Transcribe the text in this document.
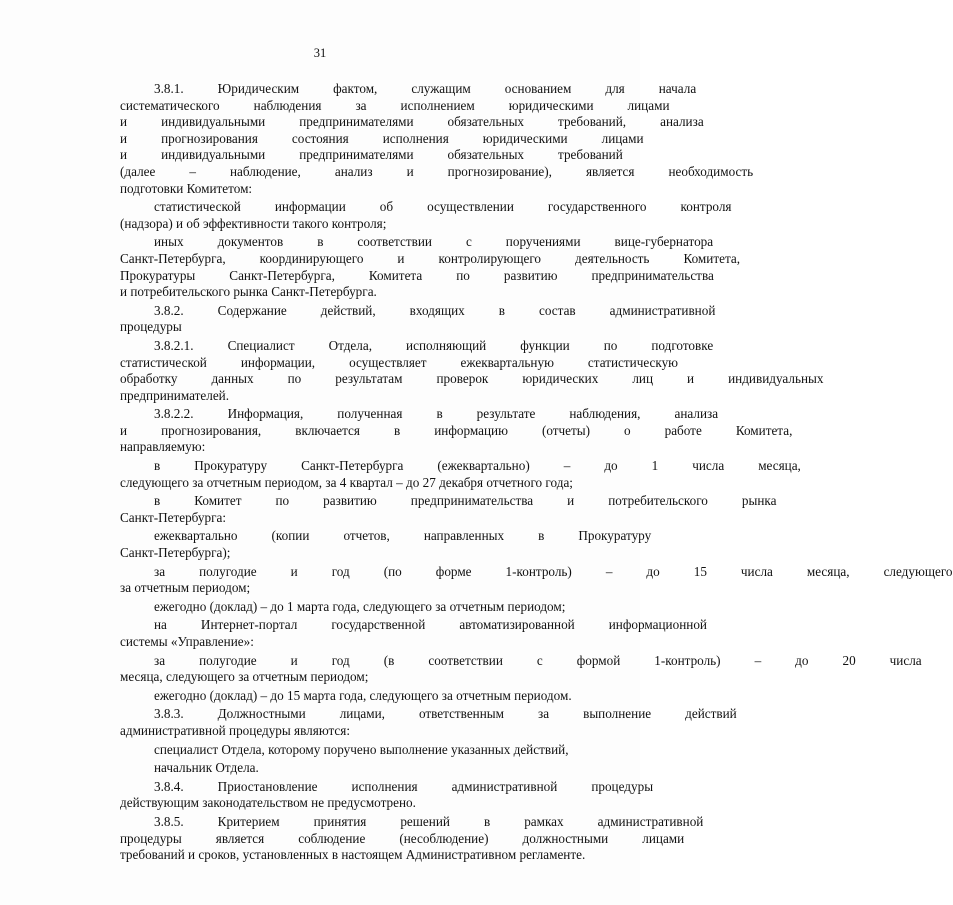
31
3.8.1.	Юридическим	фактом,	служащим	основанием	для	начала
систематического	наблюдения	за	исполнением	юридическими	лицами
и	индивидуальными	предпринимателями	обязательных	требований,	анализа
и	прогнозирования	состояния	исполнения	юридическими	лицами
и	индивидуальными	предпринимателями	обязательных	требований
(далее	–	наблюдение,	анализ	и	прогнозирование),	является	необходимость
подготовки Комитетом:
статистической	информации	об	осуществлении	государственного	контроля
(надзора) и об эффективности такого контроля;
иных	документов	в	соответствии	с	поручениями	вице-губернатора
Санкт-Петербурга,	координирующего	и	контролирующего	деятельность	Комитета,
Прокуратуры	Санкт-Петербурга,	Комитета	по	развитию	предпринимательства
и потребительского рынка Санкт-Петербурга.
3.8.2.	Содержание	действий,	входящих	в	состав	административной
процедуры
3.8.2.1.	Специалист	Отдела,	исполняющий	функции	по	подготовке
статистической	информации,	осуществляет	ежеквартальную	статистическую
обработку	данных	по	результатам	проверок	юридических	лиц	и	индивидуальных
предпринимателей.
3.8.2.2.	Информация,	полученная	в	результате	наблюдения,	анализа
и	прогнозирования,	включается	в	информацию	(отчеты)	о	работе	Комитета,
направляемую:
в	Прокуратуру	Санкт-Петербурга	(ежеквартально)	–	до	1	числа	месяца,
следующего за отчетным периодом, за 4 квартал – до 27 декабря отчетного года;
в	Комитет	по	развитию	предпринимательства	и	потребительского	рынка
Санкт-Петербурга:
ежеквартально	(копии	отчетов,	направленных	в	Прокуратуру
Санкт-Петербурга);
за	полугодие	и	год	(по	форме	1-контроль)	–	до	15	числа	месяца,	следующего
за отчетным периодом;
ежегодно (доклад) – до 1 марта года, следующего за отчетным периодом;
на	Интернет-портал	государственной	автоматизированной	информационной
системы «Управление»:
за	полугодие	и	год	(в	соответствии	с	формой	1-контроль)	–	до	20	числа
месяца, следующего за отчетным периодом;
ежегодно (доклад) – до 15 марта года, следующего за отчетным периодом.
3.8.3.	Должностными	лицами,	ответственным	за	выполнение	действий
административной процедуры являются:
специалист Отдела, которому поручено выполнение указанных действий,
начальник Отдела.
3.8.4.	Приостановление	исполнения	административной	процедуры
действующим законодательством не предусмотрено.
3.8.5.	Критерием	принятия	решений	в	рамках	административной
процедуры	является	соблюдение	(несоблюдение)	должностными	лицами
требований и сроков, установленных в настоящем Административном регламенте.
